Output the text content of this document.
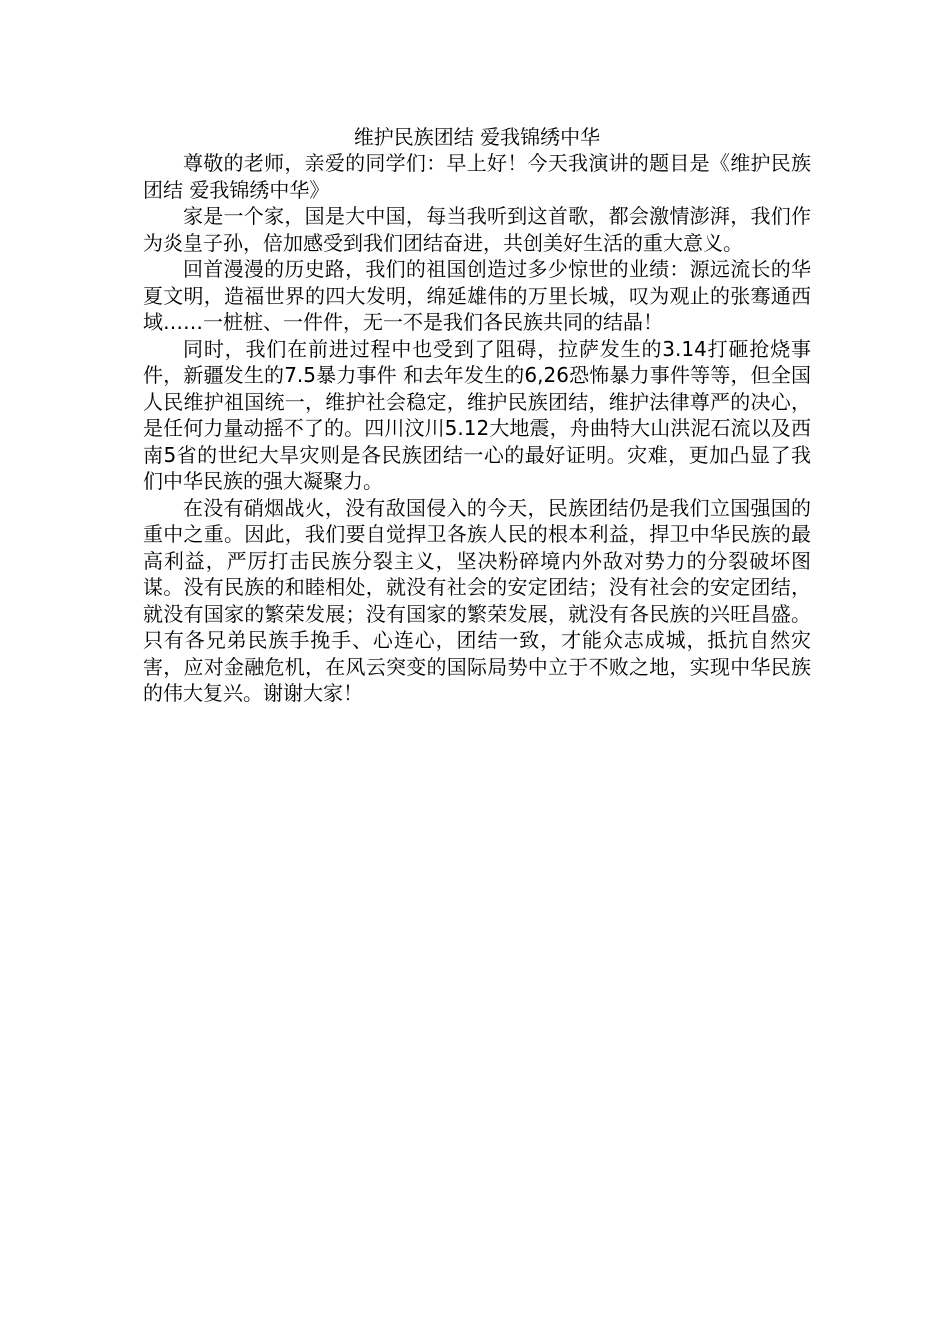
维护民族团结 爱我锦绣中华

尊敬的老师，亲爱的同学们：早上好！今天我演讲的题目是《维护民族团结 爱我锦绣中华》

家是一个家，国是大中国，每当我听到这首歌，都会激情澎湃，我们作为炎皇子孙，倍加感受到我们团结奋进，共创美好生活的重大意义。

回首漫漫的历史路，我们的祖国创造过多少惊世的业绩：源远流长的华夏文明，造福世界的四大发明，绵延雄伟的万里长城，叹为观止的张骞通西域……一桩桩、一件件，无一不是我们各民族共同的结晶！

同时，我们在前进过程中也受到了阻碍，拉萨发生的3.14打砸抢烧事件，新疆发生的7.5暴力事件 和去年发生的6,26恐怖暴力事件等等，但全国人民维护祖国统一，维护社会稳定，维护民族团结，维护法律尊严的决心，是任何力量动摇不了的。四川汶川5.12大地震，舟曲特大山洪泥石流以及西南5省的世纪大旱灾则是各民族团结一心的最好证明。灾难，更加凸显了我们中华民族的强大凝聚力。

在没有硝烟战火，没有敌国侵入的今天，民族团结仍是我们立国强国的重中之重。因此，我们要自觉捍卫各族人民的根本利益，捍卫中华民族的最高利益，严厉打击民族分裂主义，坚决粉碎境内外敌对势力的分裂破坏图谋。没有民族的和睦相处，就没有社会的安定团结；没有社会的安定团结，就没有国家的繁荣发展；没有国家的繁荣发展，就没有各民族的兴旺昌盛。只有各兄弟民族手挽手、心连心，团结一致，才能众志成城，抵抗自然灾害，应对金融危机，在风云突变的国际局势中立于不败之地，实现中华民族的伟大复兴。谢谢大家！
